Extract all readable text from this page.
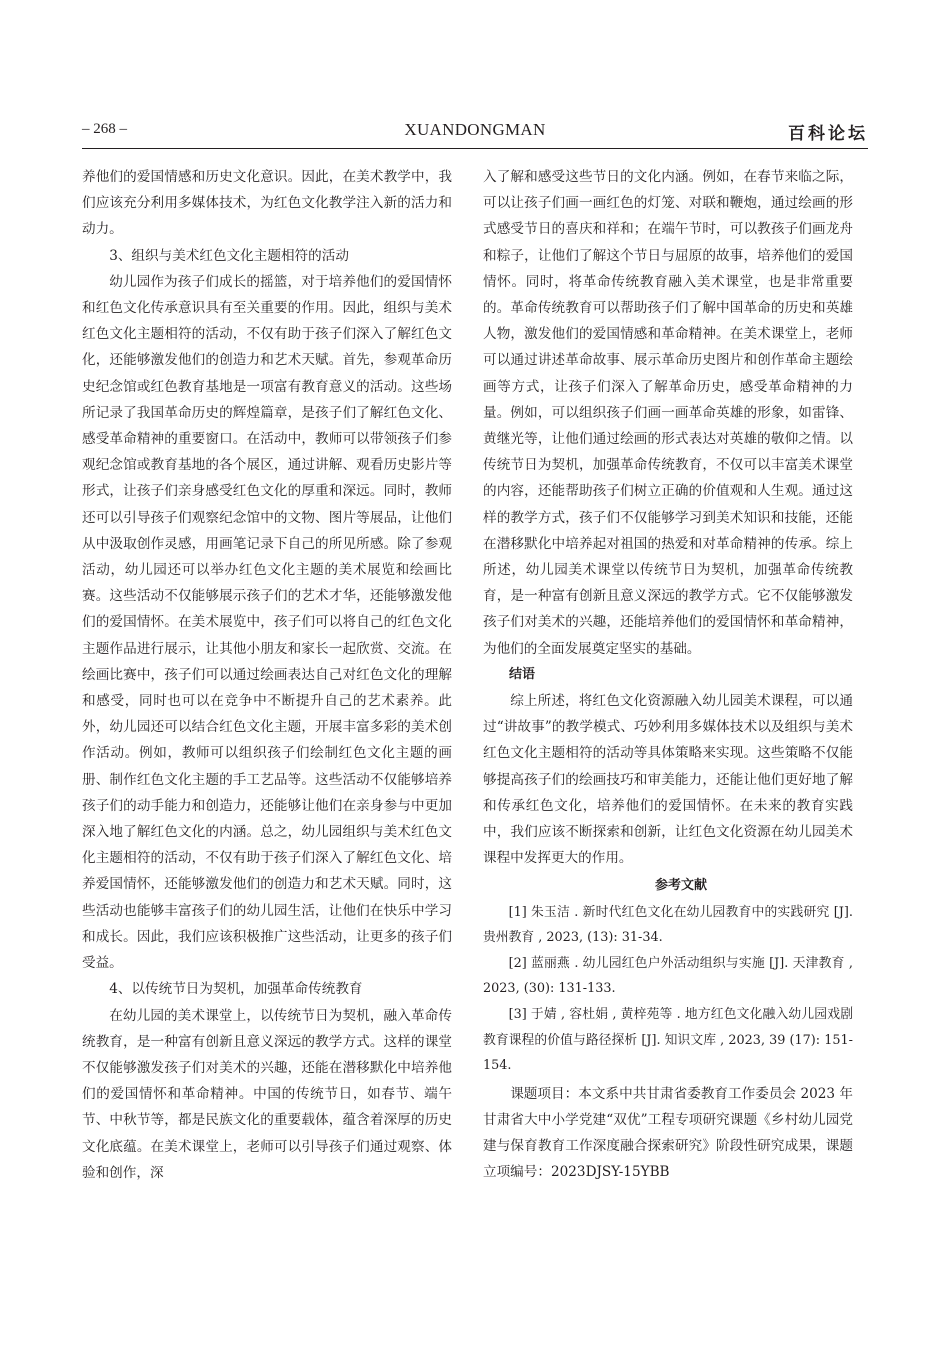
– 268 –	XUANDONGMAN	百科论坛

养他们的爱国情感和历史文化意识。因此，在美术教学中，我们应该充分利用多媒体技术，为红色文化教学注入新的活力和动力。

3、组织与美术红色文化主题相符的活动

幼儿园作为孩子们成长的摇篮，对于培养他们的爱国情怀和红色文化传承意识具有至关重要的作用。因此，组织与美术红色文化主题相符的活动，不仅有助于孩子们深入了解红色文化，还能够激发他们的创造力和艺术天赋。首先，参观革命历史纪念馆或红色教育基地是一项富有教育意义的活动。这些场所记录了我国革命历史的辉煌篇章，是孩子们了解红色文化、感受革命精神的重要窗口。在活动中，教师可以带领孩子们参观纪念馆或教育基地的各个展区，通过讲解、观看历史影片等形式，让孩子们亲身感受红色文化的厚重和深远。同时，教师还可以引导孩子们观察纪念馆中的文物、图片等展品，让他们从中汲取创作灵感，用画笔记录下自己的所见所感。除了参观活动，幼儿园还可以举办红色文化主题的美术展览和绘画比赛。这些活动不仅能够展示孩子们的艺术才华，还能够激发他们的爱国情怀。在美术展览中，孩子们可以将自己的红色文化主题作品进行展示，让其他小朋友和家长一起欣赏、交流。在绘画比赛中，孩子们可以通过绘画表达自己对红色文化的理解和感受，同时也可以在竞争中不断提升自己的艺术素养。此外，幼儿园还可以结合红色文化主题，开展丰富多彩的美术创作活动。例如，教师可以组织孩子们绘制红色文化主题的画册、制作红色文化主题的手工艺品等。这些活动不仅能够培养孩子们的动手能力和创造力，还能够让他们在亲身参与中更加深入地了解红色文化的内涵。总之，幼儿园组织与美术红色文化主题相符的活动，不仅有助于孩子们深入了解红色文化、培养爱国情怀，还能够激发他们的创造力和艺术天赋。同时，这些活动也能够丰富孩子们的幼儿园生活，让他们在快乐中学习和成长。因此，我们应该积极推广这些活动，让更多的孩子们受益。

4、以传统节日为契机，加强革命传统教育

在幼儿园的美术课堂上，以传统节日为契机，融入革命传统教育，是一种富有创新且意义深远的教学方式。这样的课堂不仅能够激发孩子们对美术的兴趣，还能在潜移默化中培养他们的爱国情怀和革命精神。中国的传统节日，如春节、端午节、中秋节等，都是民族文化的重要载体，蕴含着深厚的历史文化底蕴。在美术课堂上，老师可以引导孩子们通过观察、体验和创作，深

入了解和感受这些节日的文化内涵。例如，在春节来临之际，可以让孩子们画一画红色的灯笼、对联和鞭炮，通过绘画的形式感受节日的喜庆和祥和；在端午节时，可以教孩子们画龙舟和粽子，让他们了解这个节日与屈原的故事，培养他们的爱国情怀。同时，将革命传统教育融入美术课堂，也是非常重要的。革命传统教育可以帮助孩子们了解中国革命的历史和英雄人物，激发他们的爱国情感和革命精神。在美术课堂上，老师可以通过讲述革命故事、展示革命历史图片和创作革命主题绘画等方式，让孩子们深入了解革命历史，感受革命精神的力量。例如，可以组织孩子们画一画革命英雄的形象，如雷锋、黄继光等，让他们通过绘画的形式表达对英雄的敬仰之情。以传统节日为契机，加强革命传统教育，不仅可以丰富美术课堂的内容，还能帮助孩子们树立正确的价值观和人生观。通过这样的教学方式，孩子们不仅能够学习到美术知识和技能，还能在潜移默化中培养起对祖国的热爱和对革命精神的传承。综上所述，幼儿园美术课堂以传统节日为契机，加强革命传统教育，是一种富有创新且意义深远的教学方式。它不仅能够激发孩子们对美术的兴趣，还能培养他们的爱国情怀和革命精神，为他们的全面发展奠定坚实的基础。

结语

综上所述，将红色文化资源融入幼儿园美术课程，可以通过“讲故事”的教学模式、巧妙利用多媒体技术以及组织与美术红色文化主题相符的活动等具体策略来实现。这些策略不仅能够提高孩子们的绘画技巧和审美能力，还能让他们更好地了解和传承红色文化，培养他们的爱国情怀。在未来的教育实践中，我们应该不断探索和创新，让红色文化资源在幼儿园美术课程中发挥更大的作用。

参考文献

[1] 朱玉洁 . 新时代红色文化在幼儿园教育中的实践研究 [J]. 贵州教育 , 2023, (13): 31-34.

[2] 蓝丽燕 . 幼儿园红色户外活动组织与实施 [J]. 天津教育 , 2023, (30): 131-133.

[3] 于婧 , 容杜娟 , 黄梓苑等 . 地方红色文化融入幼儿园戏剧教育课程的价值与路径探析 [J]. 知识文库 , 2023, 39 (17): 151-154.

课题项目：本文系中共甘肃省委教育工作委员会 2023 年甘肃省大中小学党建“双优”工程专项研究课题《乡村幼儿园党建与保育教育工作深度融合探索研究》阶段性研究成果，课题立项编号：2023DJSY-15YBB
